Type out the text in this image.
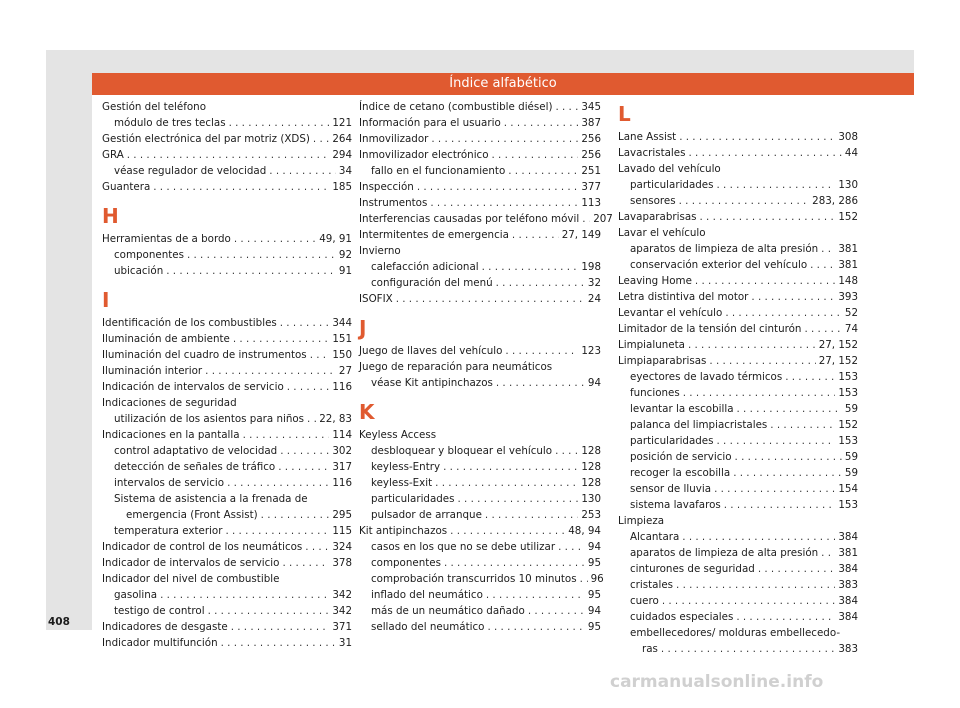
Índice alfabético
Gestión del teléfono
módulo de tres teclas . . .	121
Gestión electrónica del par motriz (XDS) . . . 264
GRA . . .	294
véase regulador de velocidad . . .	34
Guantera . . .	185
H
Herramientas de a bordo . . .	49, 91
componentes . . .	92
ubicación . . .	91
I
Identificación de los combustibles . . .	344
Iluminación de ambiente . . .	151
Iluminación del cuadro de instrumentos . . . 150
Iluminación interior . . .	27
Indicación de intervalos de servicio . . .	116
Indicaciones de seguridad
utilización de los asientos para niños . . . 22, 83
Indicaciones en la pantalla . . .	114
control adaptativo de velocidad . . .	302
detección de señales de tráfico . . .	317
intervalos de servicio . . .	116
Sistema de asistencia a la frenada de
emergencia (Front Assist) . . .	295
temperatura exterior . . .	115
Indicador de control de los neumáticos . . .	324
Indicador de intervalos de servicio . . .	378
Indicador del nivel de combustible
gasolina . . .	342
testigo de control . . .	342
Indicadores de desgaste . . .	371
Indicador multifunción . . .	31
Índice de cetano (combustible diésel) . . .	345
Información para el usuario . . .	387
Inmovilizador . . .	256
Inmovilizador electrónico . . .	256
fallo en el funcionamiento . . .	251
Inspección . . .	377
Instrumentos . . .	113
Interferencias causadas por teléfono móvil . . . 207
Intermitentes de emergencia . . .	27, 149
Invierno
calefacción adicional . . .	198
configuración del menú . . .	32
ISOFIX . . .	24
J
Juego de llaves del vehículo . . .	123
Juego de reparación para neumáticos
véase Kit antipinchazos . . .	94
K
Keyless Access
desbloquear y bloquear el vehículo . . .	128
keyless-Entry . . .	128
keyless-Exit . . .	128
particularidades . . .	130
pulsador de arranque . . .	253
Kit antipinchazos . . .	48, 94
casos en los que no se debe utilizar . . .	94
componentes . . .	95
comprobación transcurridos 10 minutos . . . 96
inflado del neumático . . .	95
más de un neumático dañado . . .	94
sellado del neumático . . .	95
L
Lane Assist . . .	308
Lavacristales . . .	44
Lavado del vehículo
particularidades . . .	130
sensores . . .	283, 286
Lavaparabrisas . . .	152
Lavar el vehículo
aparatos de limpieza de alta presión . . . 381
conservación exterior del vehículo . . .	381
Leaving Home . . .	148
Letra distintiva del motor . . .	393
Levantar el vehículo . . .	52
Limitador de la tensión del cinturón . . .	74
Limpialuneta . . .	27, 152
Limpiaparabrisas . . .	27, 152
eyectores de lavado térmicos . . .	153
funciones . . .	153
levantar la escobilla . . .	59
palanca del limpiacristales . . .	152
particularidades . . .	153
posición de servicio . . .	59
recoger la escobilla . . .	59
sensor de lluvia . . .	154
sistema lavafaros . . .	153
Limpieza
Alcantara . . .	384
aparatos de limpieza de alta presión . . . 381
cinturones de seguridad . . .	384
cristales . . .	383
cuero . . .	384
cuidados especiales . . .	384
embellecedores/ molduras embellecedo-
ras . . .	383
408
carmanualsonline.info
